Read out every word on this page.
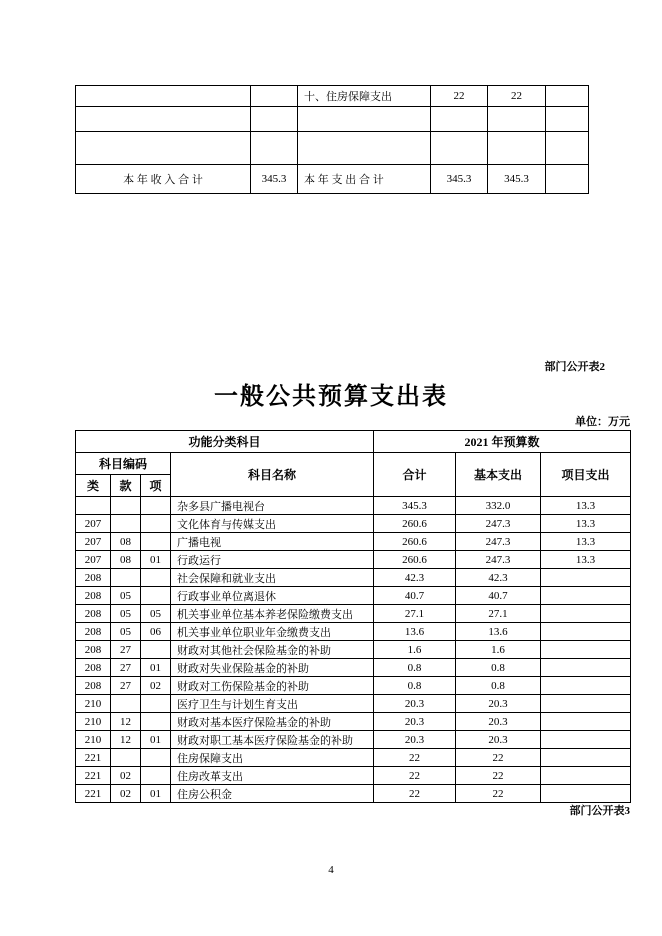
		十、住房保障支出	22	22	

本 年 收 入 合 计	345.3	本 年 支 出 合 计	345.3	345.3	
部门公开表2
一般公共预算支出表
单位：万元
功能分类科目				2021 年预算数		
科目编码			科目名称	合计	基本支出	项目支出
类	款	项				
			杂多县广播电视台	345.3	332.0	13.3
207			文化体育与传媒支出	260.6	247.3	13.3
207	08		广播电视	260.6	247.3	13.3
207	08	01	行政运行	260.6	247.3	13.3
208			社会保障和就业支出	42.3	42.3	
208	05		行政事业单位离退休	40.7	40.7	
208	05	05	机关事业单位基本养老保险缴费支出	27.1	27.1	
208	05	06	机关事业单位职业年金缴费支出	13.6	13.6	
208	27		财政对其他社会保险基金的补助	1.6	1.6	
208	27	01	财政对失业保险基金的补助	0.8	0.8	
208	27	02	财政对工伤保险基金的补助	0.8	0.8	
210			医疗卫生与计划生育支出	20.3	20.3	
210	12		财政对基本医疗保险基金的补助	20.3	20.3	
210	12	01	财政对职工基本医疗保险基金的补助	20.3	20.3	
221			住房保障支出	22	22	
221	02		住房改革支出	22	22	
221	02	01	住房公积金	22	22	
部门公开表3
4
